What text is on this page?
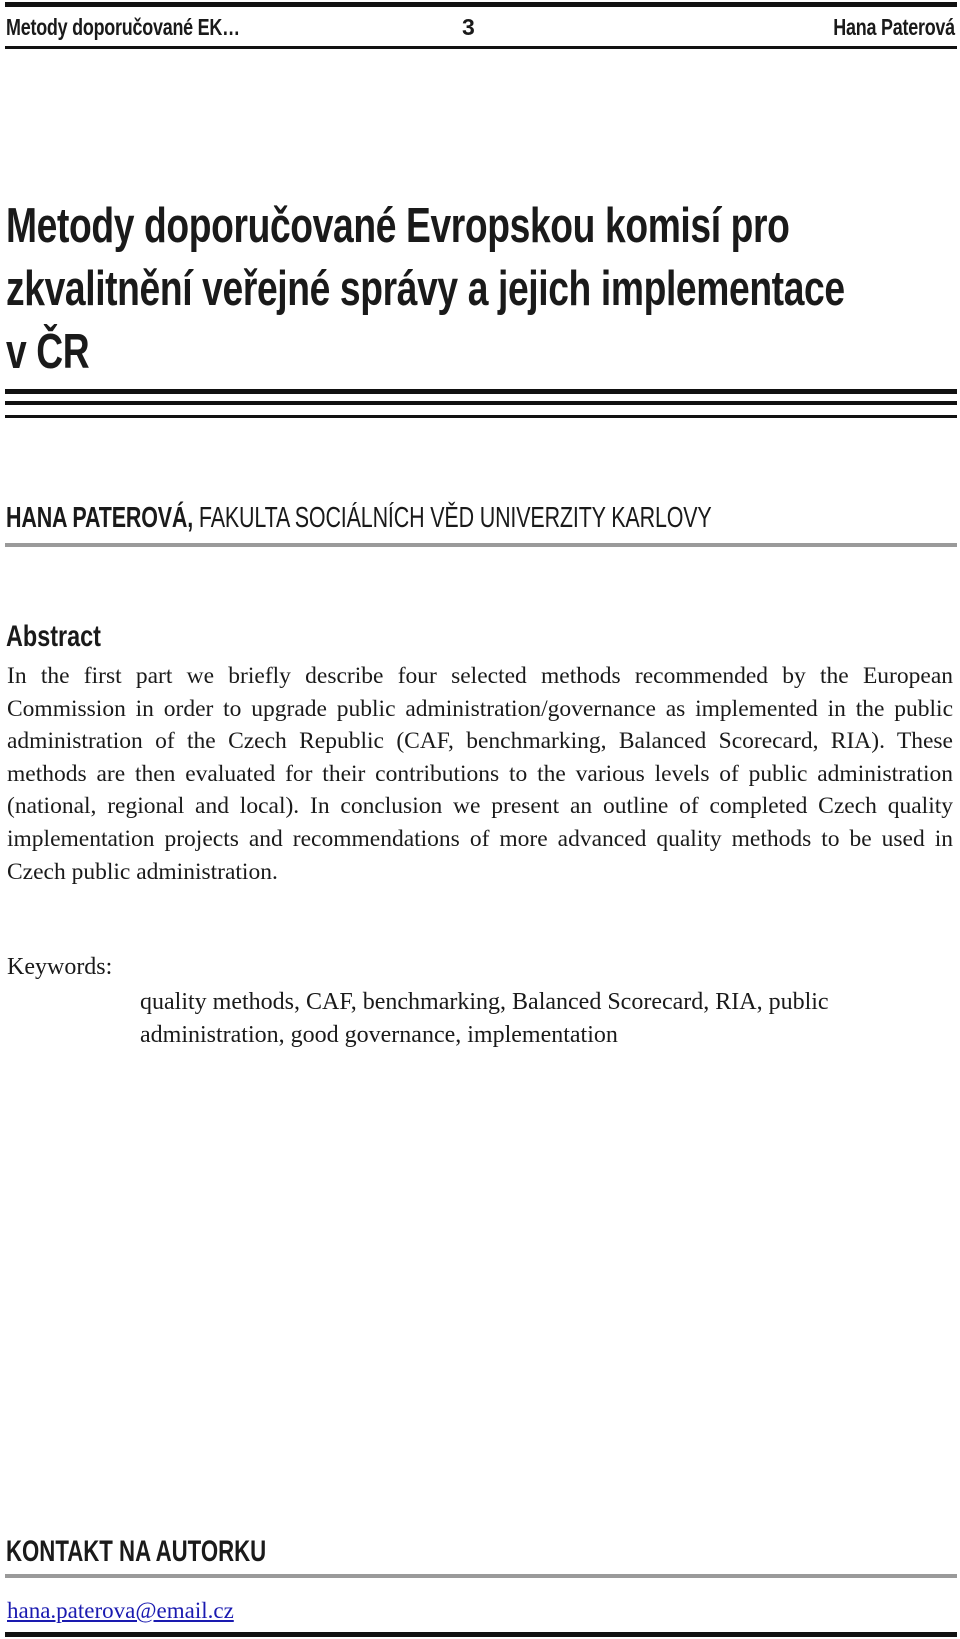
Metody doporučované EK…	3	Hana Paterová
Metody doporučované Evropskou komisí pro
zkvalitnění veřejné správy a jejich implementace
v ČR
HANA PATEROVÁ, FAKULTA SOCIÁLNÍCH VĚD UNIVERZITY KARLOVY
Abstract

In the first part we briefly describe four selected methods recommended by the European Commission in order to upgrade public administration/governance as implemented in the public administration of the Czech Republic (CAF, benchmarking, Balanced Scorecard, RIA). These methods are then evaluated for their contributions to the various levels of public administration (national, regional and local). In conclusion we present an outline of completed Czech quality implementation projects and recommendations of more advanced quality methods to be used in Czech public administration.

Keywords:

quality methods, CAF, benchmarking, Balanced Scorecard, RIA, public administration, good governance, implementation

KONTAKT NA AUTORKU
hana.paterova@email.cz
